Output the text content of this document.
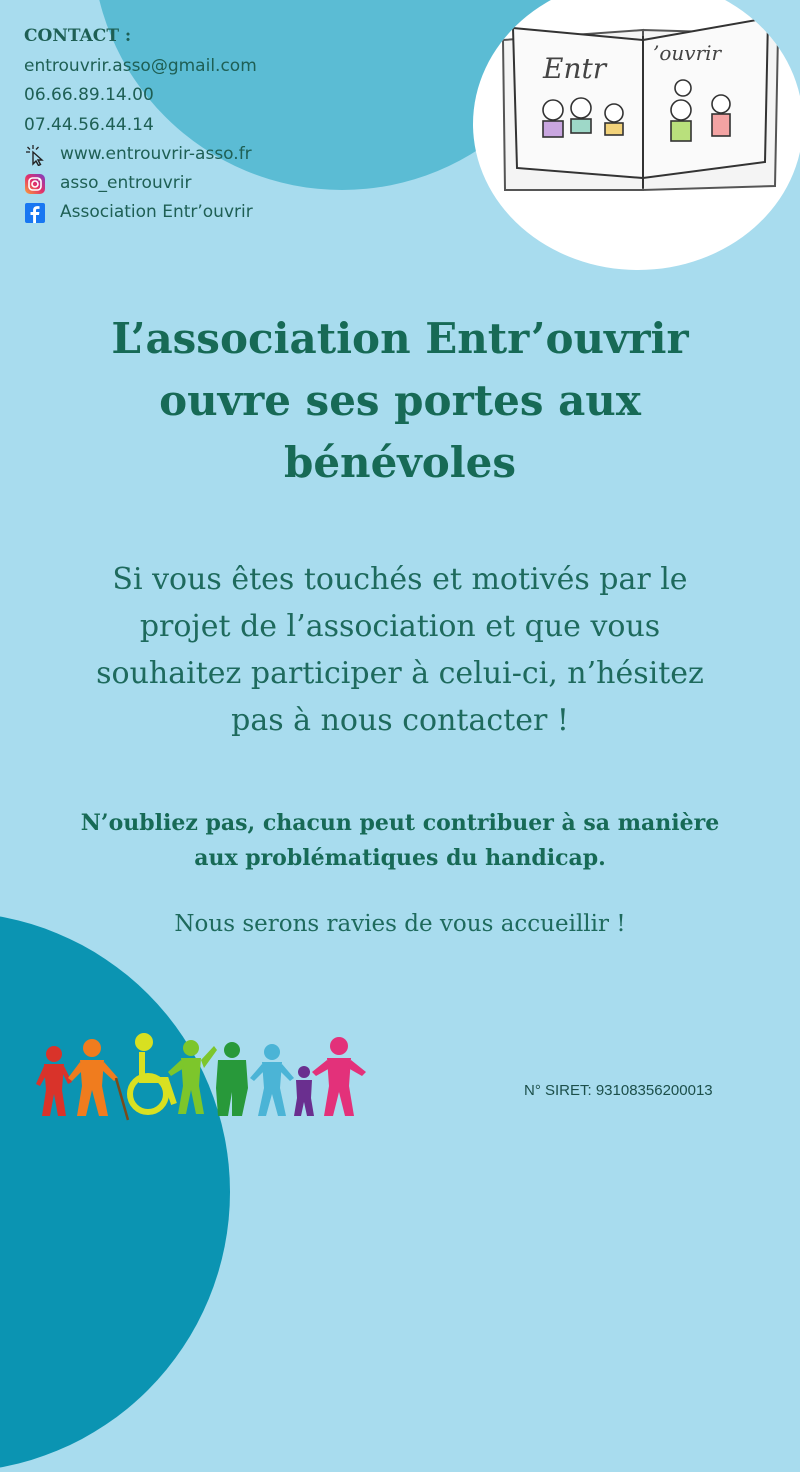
Entr ’ouvrir
CONTACT :
entrouvrir.asso@gmail.com
06.66.89.14.00
07.44.56.44.14
www.entrouvrir-asso.fr
asso_entrouvrir
Association Entr’ouvrir
L’association Entr’ouvrir
ouvre ses portes aux
bénévoles
Si vous êtes touchés et motivés par le
projet de l’association et que vous
souhaitez participer à celui-ci, n’hésitez
pas à nous contacter !
N’oubliez pas, chacun peut contribuer à sa manière
aux problématiques du handicap.
Nous serons ravies de vous accueillir !
N° SIRET: 93108356200013
